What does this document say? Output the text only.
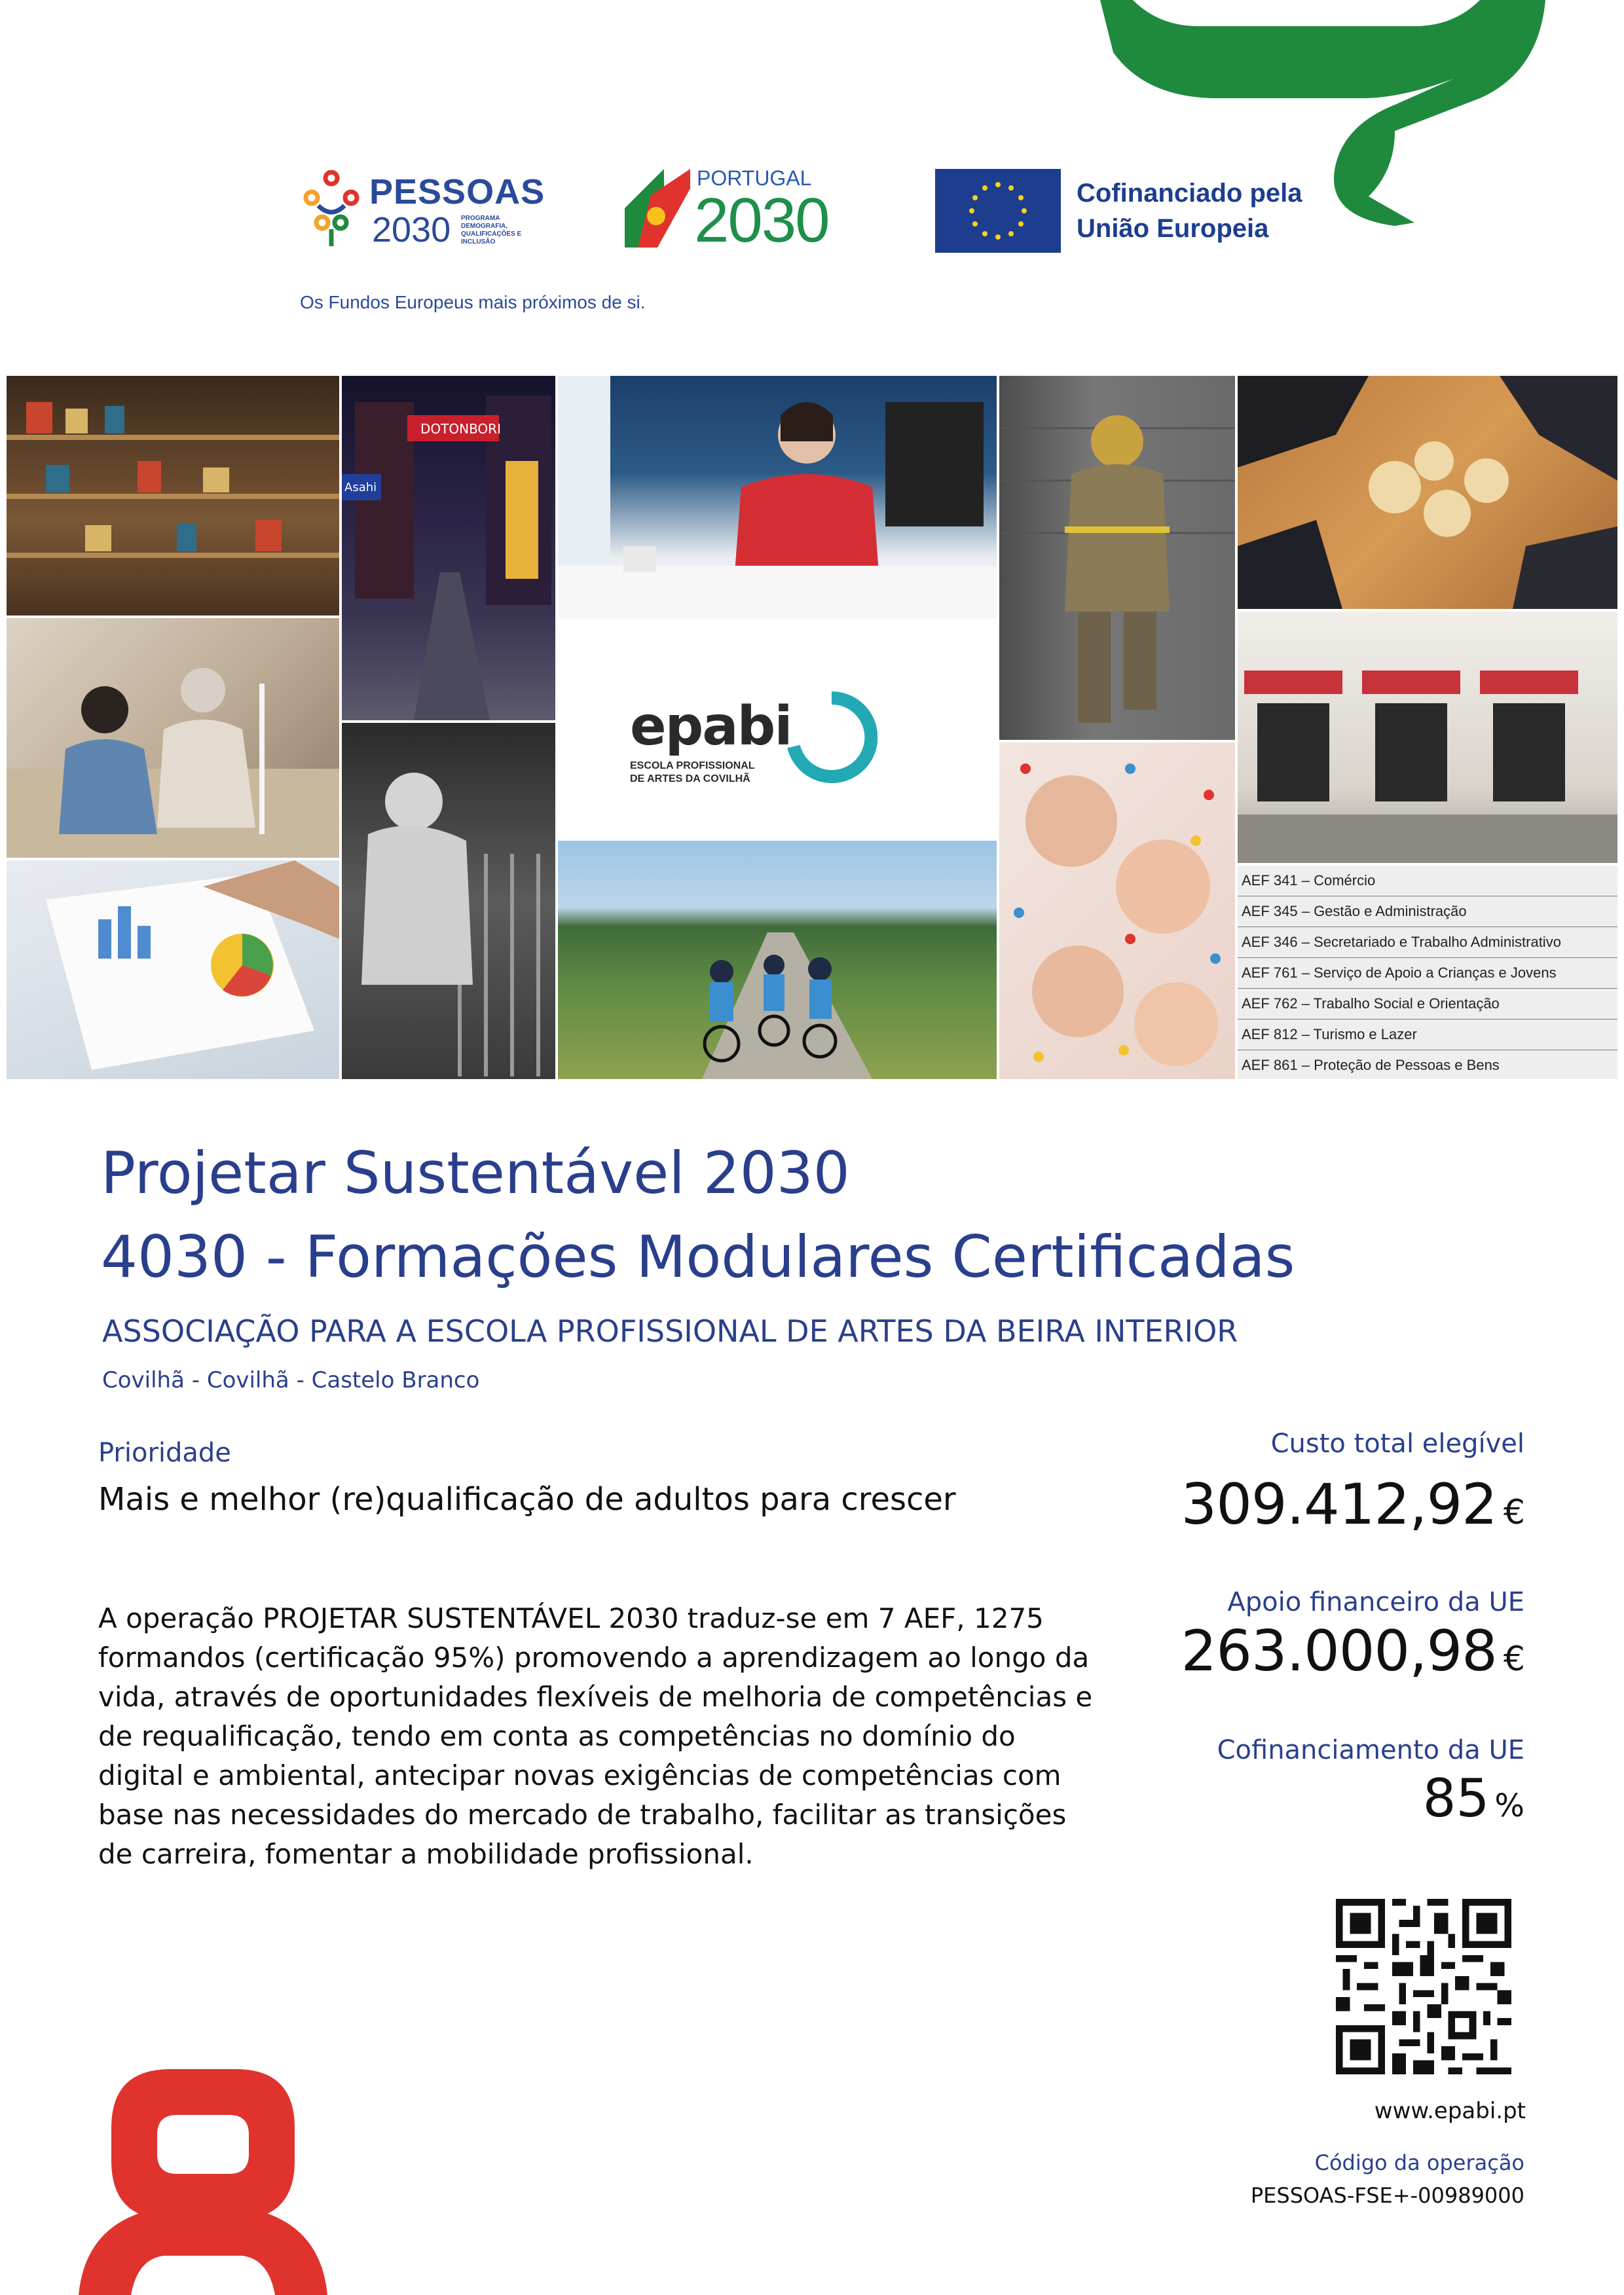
PESSOAS
2030 PROGRAMA DEMOGRAFIA, QUALIFICAÇÕES E INCLUSÃO
Os Fundos Europeus mais próximos de si.
PORTUGAL
2030	Cofinanciado pela
União Europeia
DOTONBORI
Asahi
epabi
ESCOLA PROFISSIONAL
DE ARTES DA COVILHÃ
AEF 341 – Comércio
AEF 345 – Gestão e Administração
AEF 346 – Secretariado e Trabalho Administrativo
AEF 761 – Serviço de Apoio a Crianças e Jovens
AEF 762 – Trabalho Social e Orientação
AEF 812 – Turismo e Lazer
AEF 861 – Proteção de Pessoas e Bens
Projetar Sustentável 2030
4030 - Formações Modulares Certificadas
ASSOCIAÇÃO PARA A ESCOLA PROFISSIONAL DE ARTES DA BEIRA INTERIOR
Covilhã - Covilhã - Castelo Branco
Prioridade
Mais e melhor (re)qualificação de adultos para crescer
A operação PROJETAR SUSTENTÁVEL 2030 traduz-se em 7 AEF, 1275 formandos (certificação 95%) promovendo a aprendizagem ao longo da vida, através de oportunidades flexíveis de melhoria de competências e de requalificação, tendo em conta as competências no domínio do digital e ambiental, antecipar novas exigências de competências com base nas necessidades do mercado de trabalho, facilitar as transições de carreira, fomentar a mobilidade profissional.
Custo total elegível
309.412,92 €
Apoio financeiro da UE
263.000,98 €
Cofinanciamento da UE
85 %
www.epabi.pt
Código da operação
PESSOAS-FSE+-00989000
